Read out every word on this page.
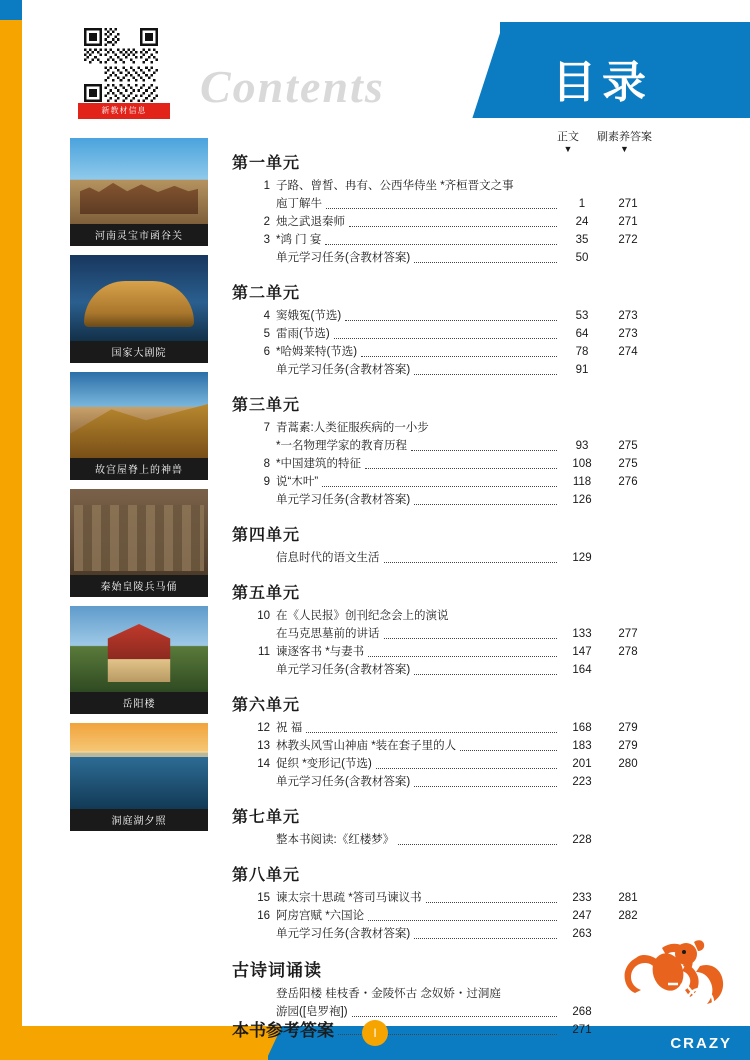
Contents	目录
新教材信息
河南灵宝市函谷关
国家大剧院
故宫屋脊上的神兽
秦始皇陵兵马俑
岳阳楼
洞庭湖夕照
正文
▼
刷素养答案
▼
第一单元
1 子路、曾皙、冉有、公西华侍坐 *齐桓晋文之事
庖丁解牛	1	271
2 烛之武退秦师	24	271
3 *鸿 门 宴	35	272
单元学习任务(含教材答案)	50
第二单元
4 窦娥冤(节选)	53	273
5 雷雨(节选)	64	273
6 *哈姆莱特(节选)	78	274
单元学习任务(含教材答案)	91
第三单元
7 青蒿素:人类征服疾病的一小步
*一名物理学家的教育历程	93	275
8 *中国建筑的特征	108	275
9 说“木叶”	118	276
单元学习任务(含教材答案)	126
第四单元
信息时代的语文生活	129
第五单元
10 在《人民报》创刊纪念会上的演说
在马克思墓前的讲话	133	277
11 谏逐客书 *与妻书	147	278
单元学习任务(含教材答案)	164
第六单元
12 祝 福	168	279
13 林教头风雪山神庙 *装在套子里的人	183	279
14 促织 *变形记(节选)	201	280
单元学习任务(含教材答案)	223
第七单元
整本书阅读:《红楼梦》	228
第八单元
15 谏太宗十思疏 *答司马谏议书	233	281
16 阿房宫赋 *六国论	247	282
单元学习任务(含教材答案)	263
古诗词诵读
登岳阳楼 桂枝香・金陵怀古 念奴娇・过洞庭
游园([皂罗袍])	268
本书参考答案	271
I
CRAZY
